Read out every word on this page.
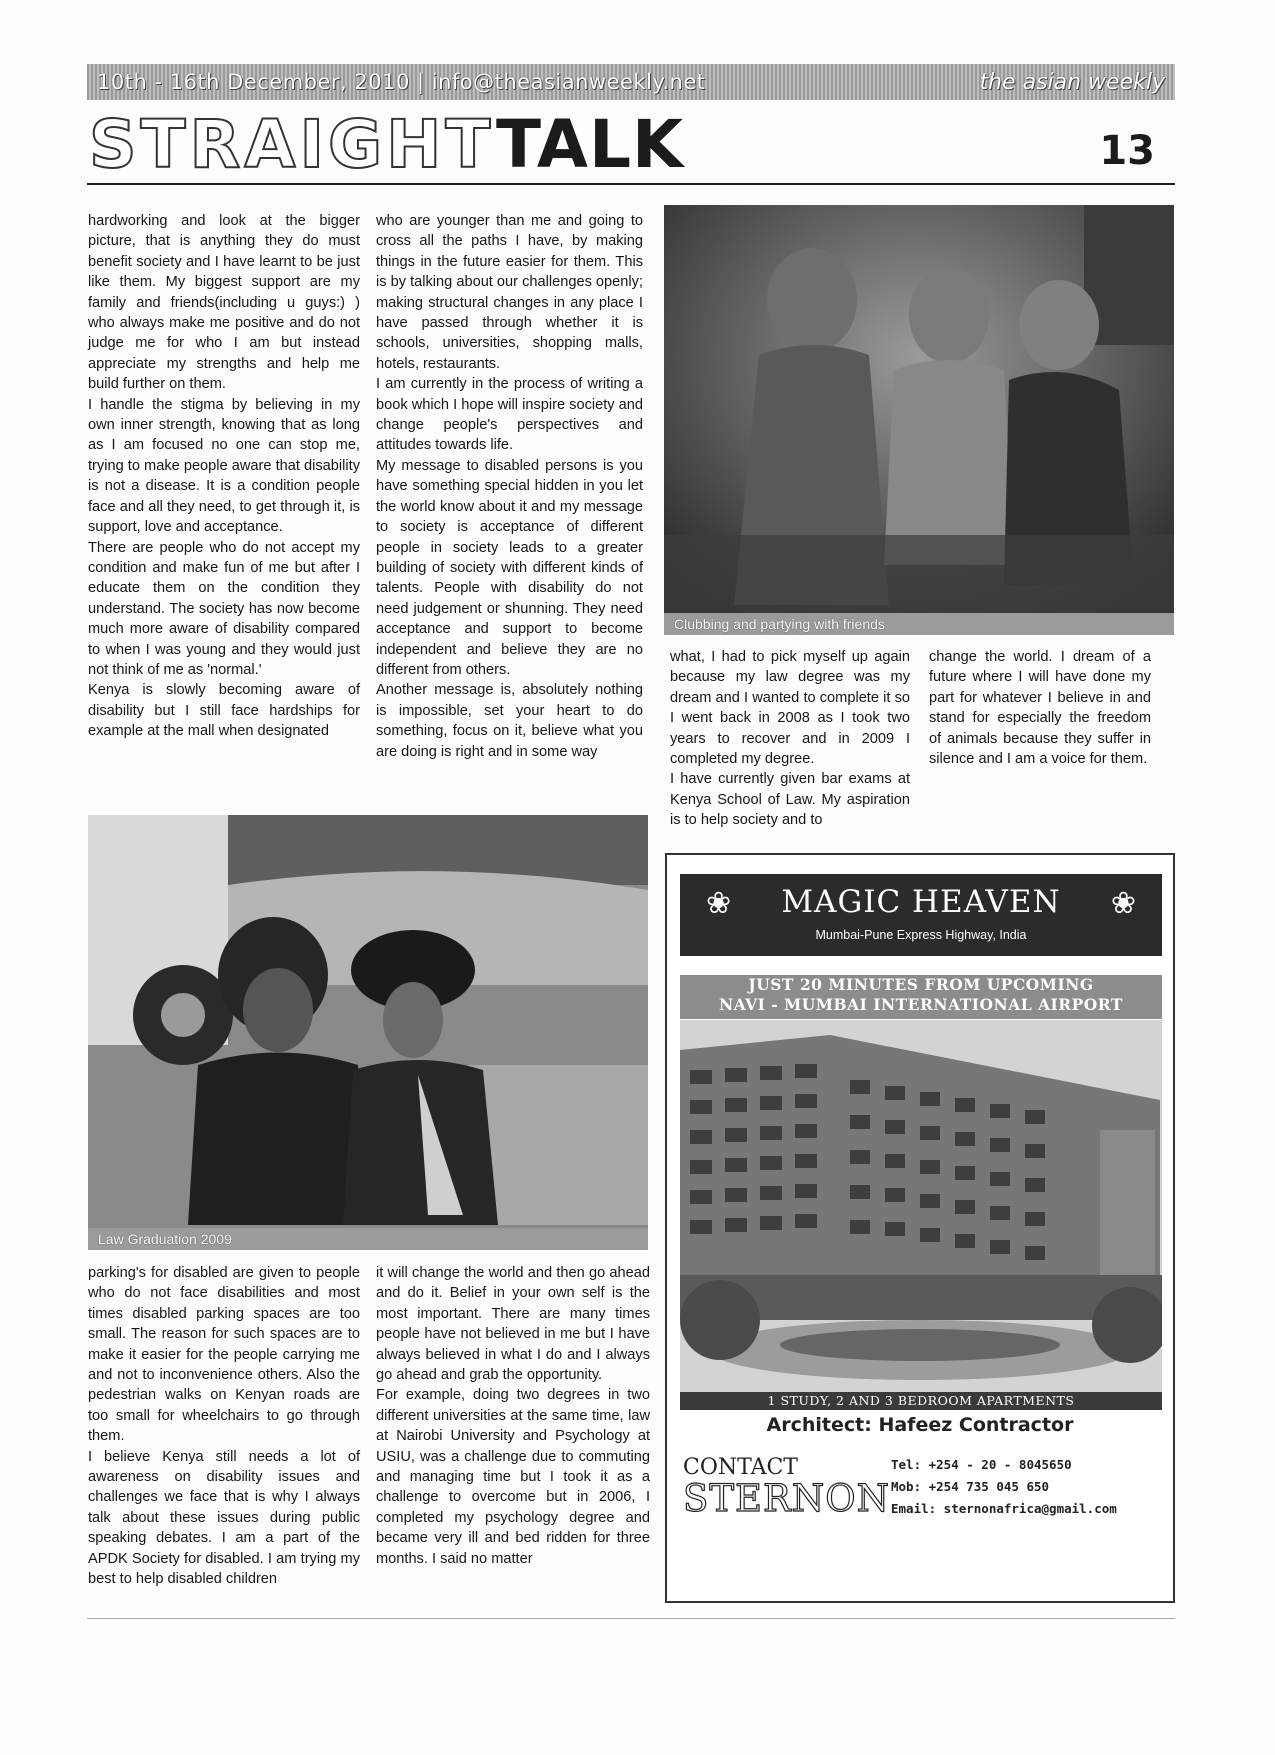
10th - 16th December, 2010 | info@theasianweekly.net	the asian weekly
STRAIGHT TALK	13

hardworking and look at the bigger picture, that is anything they do must benefit society and I have learnt to be just like them. My biggest support are my family and friends(including u guys:) ) who always make me positive and do not judge me for who I am but instead appreciate my strengths and help me build further on them.

I handle the stigma by believing in my own inner strength, knowing that as long as I am focused no one can stop me, trying to make people aware that disability is not a disease. It is a condition people face and all they need, to get through it, is support, love and acceptance.

There are people who do not accept my condition and make fun of me but after I educate them on the condition they understand. The society has now become much more aware of disability compared to when I was young and they would just not think of me as 'normal.'

Kenya is slowly becoming aware of disability but I still face hardships for example at the mall when designated

who are younger than me and going to cross all the paths I have, by making things in the future easier for them. This is by talking about our challenges openly; making structural changes in any place I have passed through whether it is schools, universities, shopping malls, hotels, restaurants.

I am currently in the process of writing a book which I hope will inspire society and change people's perspectives and attitudes towards life.

My message to disabled persons is you have something special hidden in you let the world know about it and my message to society is acceptance of different people in society leads to a greater building of society with different kinds of talents. People with disability do not need judgement or shunning. They need acceptance and support to become independent and believe they are no different from others.

Another message is, absolutely nothing is impossible, set your heart to do something, focus on it, believe what you are doing is right and in some way

Clubbing and partying with friends

what, I had to pick myself up again because my law degree was my dream and I wanted to complete it so I went back in 2008 as I took two years to recover and in 2009 I completed my degree.

I have currently given bar exams at Kenya School of Law. My aspiration is to help society and to

change the world. I dream of a future where I will have done my part for whatever I believe in and stand for especially the freedom of animals because they suffer in silence and I am a voice for them.

Law Graduation 2009

parking's for disabled are given to people who do not face disabilities and most times disabled parking spaces are too small. The reason for such spaces are to make it easier for the people carrying me and not to inconvenience others. Also the pedestrian walks on Kenyan roads are too small for wheelchairs to go through them.

I believe Kenya still needs a lot of awareness on disability issues and challenges we face that is why I always talk about these issues during public speaking debates. I am a part of the APDK Society for disabled. I am trying my best to help disabled children

it will change the world and then go ahead and do it. Belief in your own self is the most important. There are many times people have not believed in me but I have always believed in what I do and I always go ahead and grab the opportunity.

For example, doing two degrees in two different universities at the same time, law at Nairobi University and Psychology at USIU, was a challenge due to commuting and managing time but I took it as a challenge to overcome but in 2006, I completed my psychology degree and became very ill and bed ridden for three months. I said no matter

❀	❀
MAGIC HEAVEN
Mumbai-Pune Express Highway, India
JUST 20 MINUTES FROM UPCOMING
NAVI - MUMBAI INTERNATIONAL AIRPORT
1 STUDY, 2 AND 3 BEDROOM APARTMENTS
Architect: Hafeez Contractor
CONTACT
STERNON
Tel: +254 - 20 - 8045650
Mob: +254 735 045 650
Email: sternonafrica@gmail.com
